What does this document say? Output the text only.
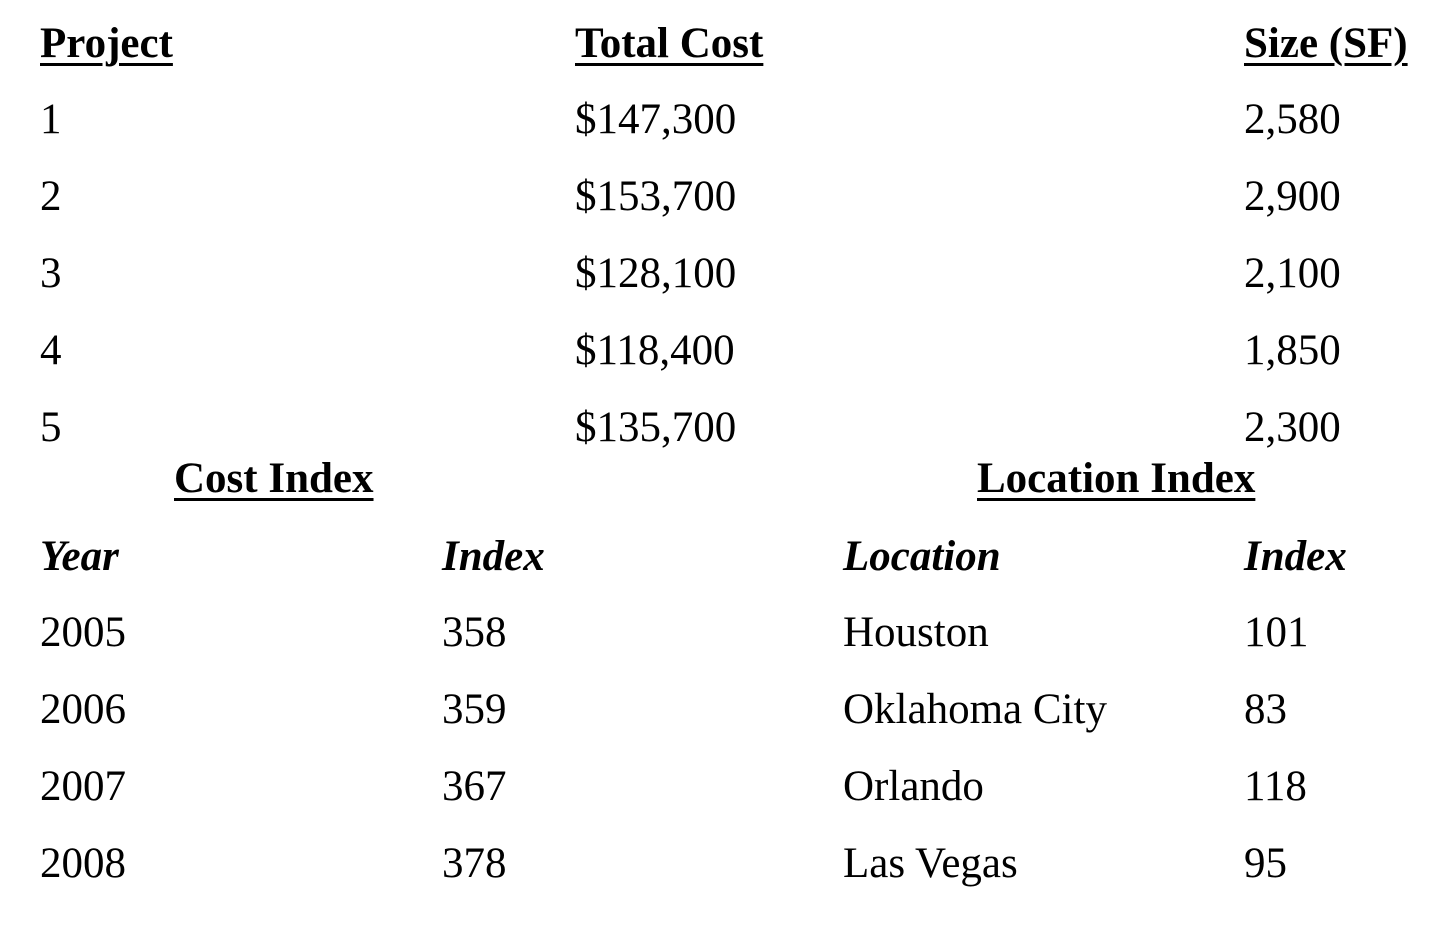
Project	Total Cost	Size (SF)
1	$147,300	2,580
2	$153,700	2,900
3	$128,100	2,100
4	$118,400	1,850
5	$135,700	2,300
Cost Index	Location Index
Year	Index	Location	Index
2005	358	Houston	101
2006	359	Oklahoma City	83
2007	367	Orlando	118
2008	378	Las Vegas	95
